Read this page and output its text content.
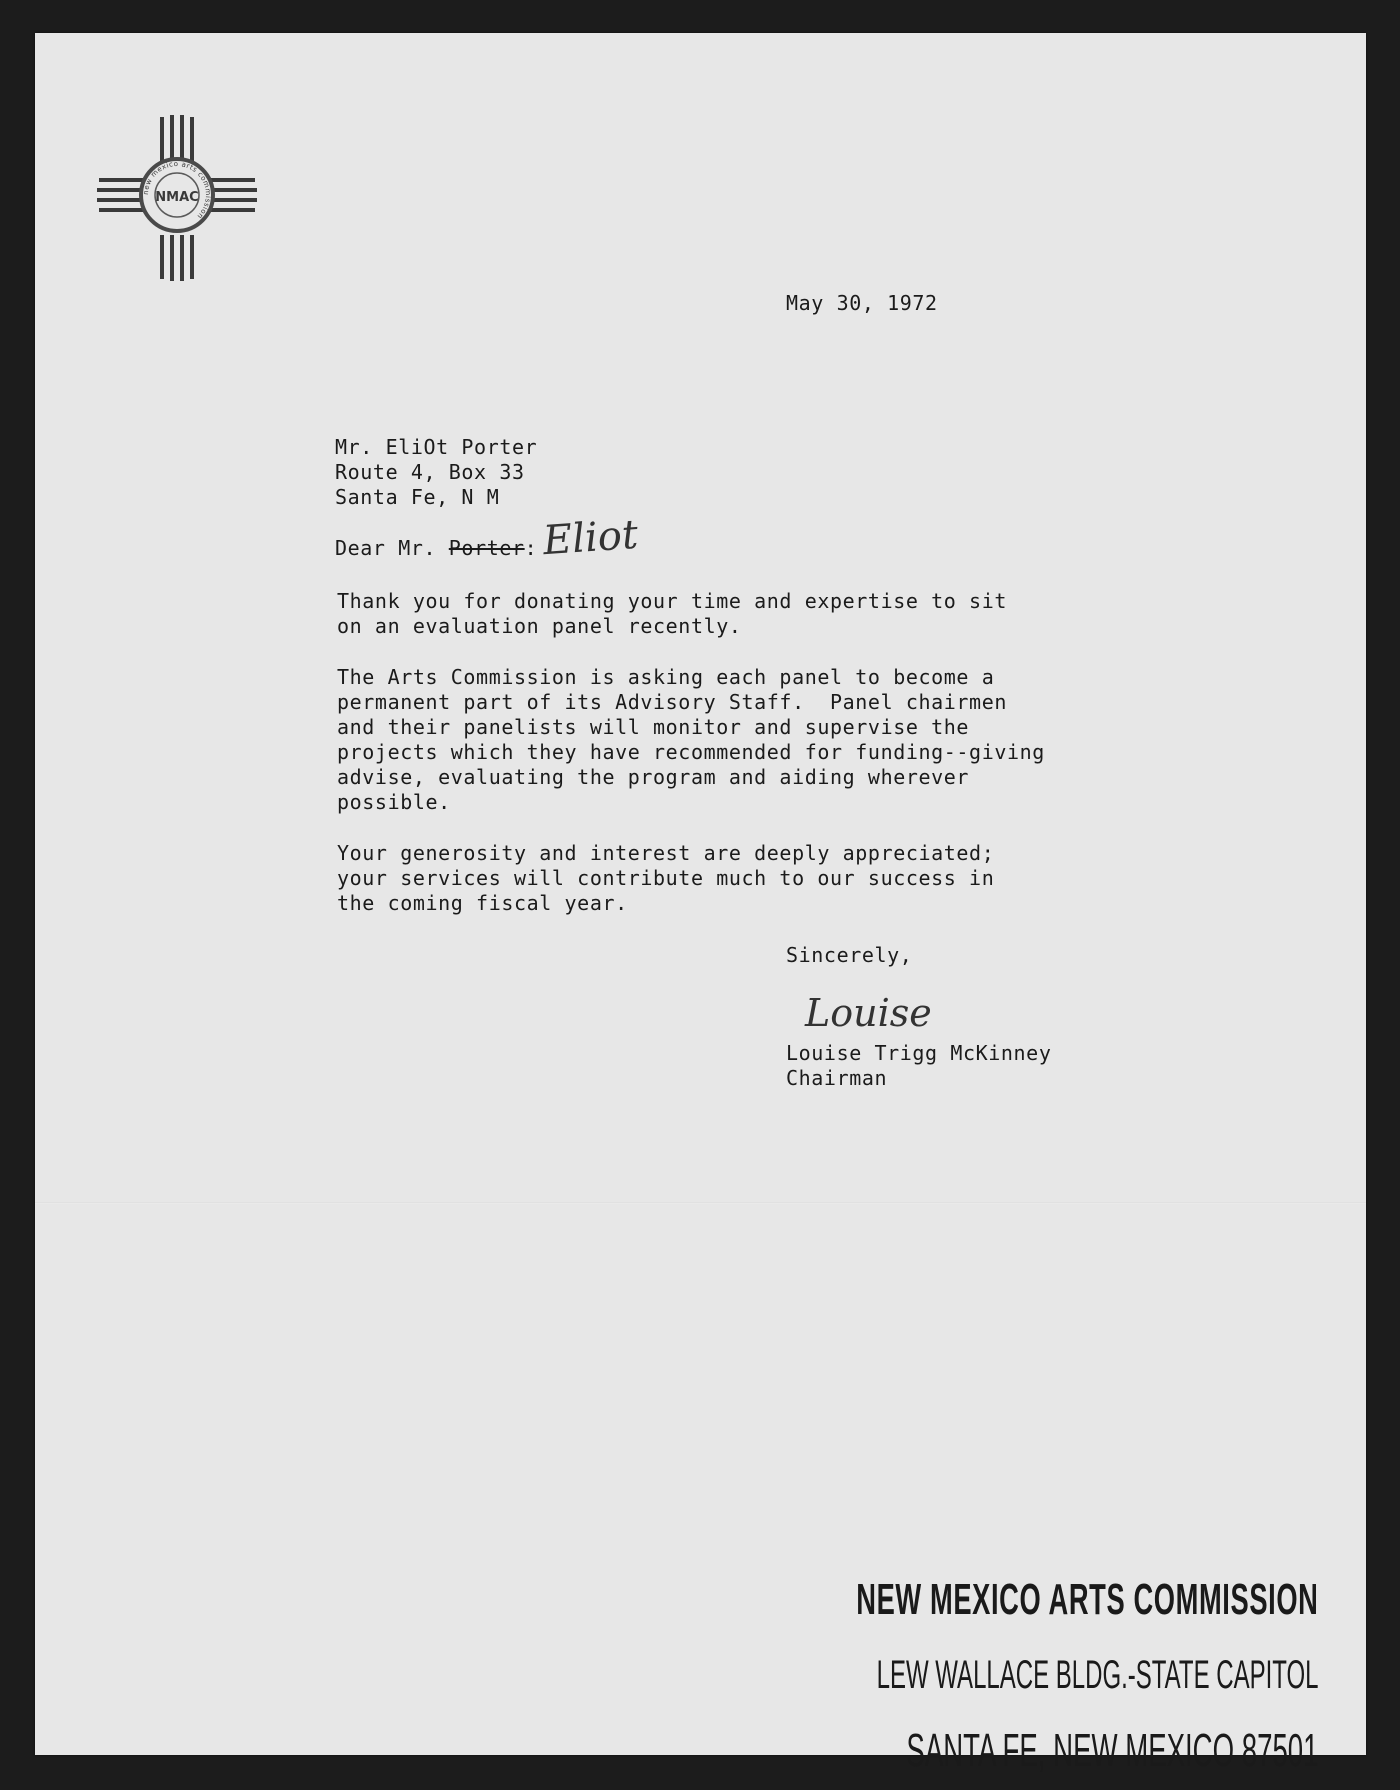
new mexico arts commission
NMAC
May 30, 1972
Mr. EliOt Porter
Route 4, Box 33
Santa Fe, N M
Dear Mr. Porter:
Thank you for donating your time and expertise to sit
on an evaluation panel recently.
The Arts Commission is asking each panel to become a
permanent part of its Advisory Staff.  Panel chairmen
and their panelists will monitor and supervise the
projects which they have recommended for funding--giving
advise, evaluating the program and aiding wherever
possible.
Your generosity and interest are deeply appreciated;
your services will contribute much to our success in
the coming fiscal year.
Sincerely,
Louise Trigg McKinney
Chairman
Eliot
Louise
NEW MEXICO ARTS COMMISSION
LEW WALLACE BLDG.-STATE CAPITOL
SANTA FE, NEW MEXICO 87501
